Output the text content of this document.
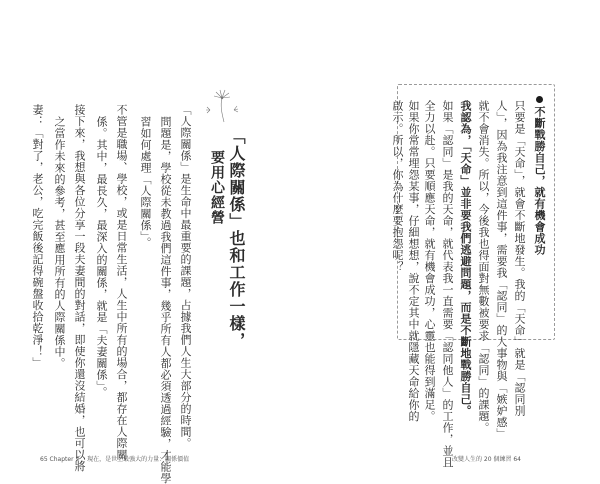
「人際關係」也和工作一樣，
要用心經營
「人際關係」是生命中最重要的課題，占據我們人生大部分的時間。
問題是，學校從未教過我們這件事，幾乎所有人都必須透過經驗，才能學
習如何處理「人際關係」。
不管是職場、學校，或是日常生活，人生中所有的場合，都存在人際關
係。其中，最長久，最深入的關係，就是「夫妻關係」。
接下來，我想與各位分享一段夫妻間的對話，即使你還沒結婚，也可以將
之當作未來的參考，甚至應用所有的人際關係中。
妻：「對了，老公，吃完飯後記得碗盤收拾乾淨！」
65 Chapter 2 　現在，是世上最強大的力量：關係價值
不斷戰勝自己，就有機會成功
只要是「天命」，就會不斷地發生。我的「天命」就是「認同別
人」，因為我注意到這件事，需要我「認同」的人事物與「嫉妒感」
就不會消失。所以，今後我也得面對無數被要求「認同」的課題。
我認為，「天命」並非要我們逃避問題，而是不斷地戰勝自己。
如果「認同」是我的天命，就代表我一直需要「認同他人」的工作，並且
全力以赴。只要順應天命，就有機會成功，心靈也能得到滿足。
如果你常常埋怨某事，仔細想想，說不定其中就隱藏天命給你的
啟示。所以，你為什麼要抱怨呢？
改變人生的 20 個練習 64
